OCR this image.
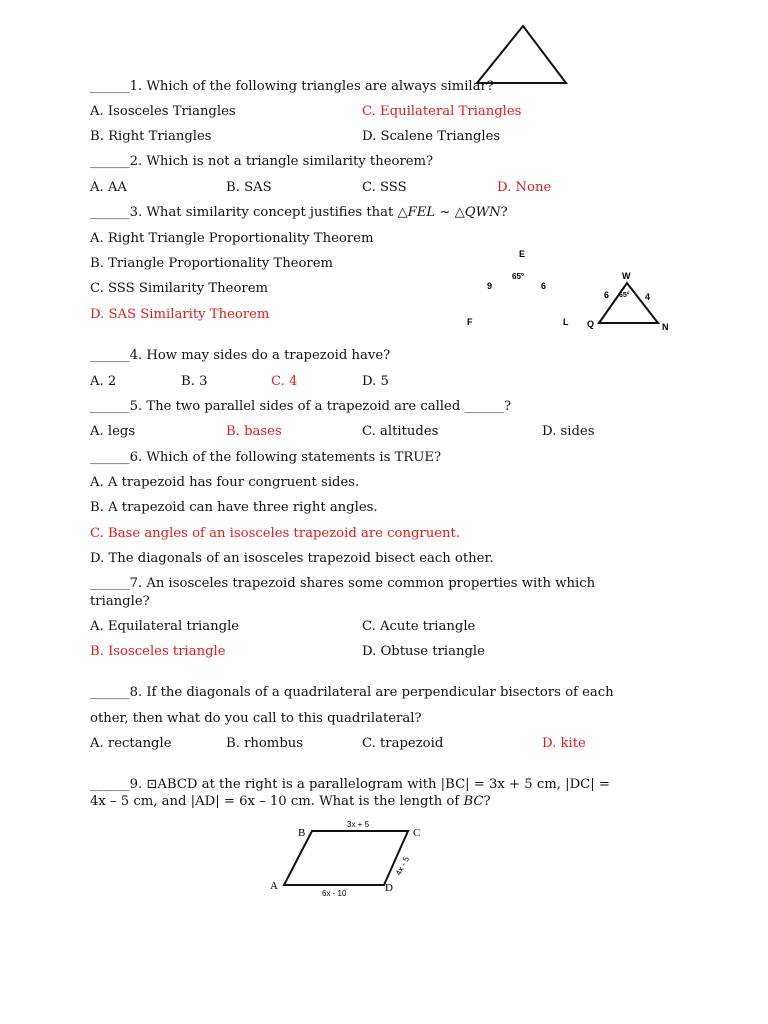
______1. Which of the following triangles are always similar?
A. Isosceles Triangles	C. Equilateral Triangles
B. Right Triangles	D. Scalene Triangles
______2. Which is not a triangle similarity theorem?
A. AA	B. SAS	C. SSS	D. None
______3. What similarity concept justifies that △FEL ~ △QWN?
A. Right Triangle Proportionality Theorem
B. Triangle Proportionality Theorem
C. SSS Similarity Theorem
D. SAS Similarity Theorem
E
F	L
9	6
65°	W
Q	N
6	4
65°
______4. How may sides do a trapezoid have?
A. 2	B. 3	C. 4	D. 5
______5. The two parallel sides of a trapezoid are called ______?
A. legs	B. bases	C. altitudes	D. sides
______6. Which of the following statements is TRUE?
A. A trapezoid has four congruent sides.
B. A trapezoid can have three right angles.
C. Base angles of an isosceles trapezoid are congruent.
D. The diagonals of an isosceles trapezoid bisect each other.
______7. An isosceles trapezoid shares some common properties with which
triangle?
A. Equilateral triangle	C. Acute triangle
B. Isosceles triangle	D. Obtuse triangle
______8. If the diagonals of a quadrilateral are perpendicular bisectors of each
other, then what do you call to this quadrilateral?
A. rectangle	B. rhombus	C. trapezoid	D. kite
______9. ⊡ABCD at the right is a parallelogram with |BC| = 3x + 5 cm, |DC| =
4x – 5 cm, and |AD| = 6x – 10 cm. What is the length of BC?
B	C
A	D
3x + 5
6x - 10
4x - 5
